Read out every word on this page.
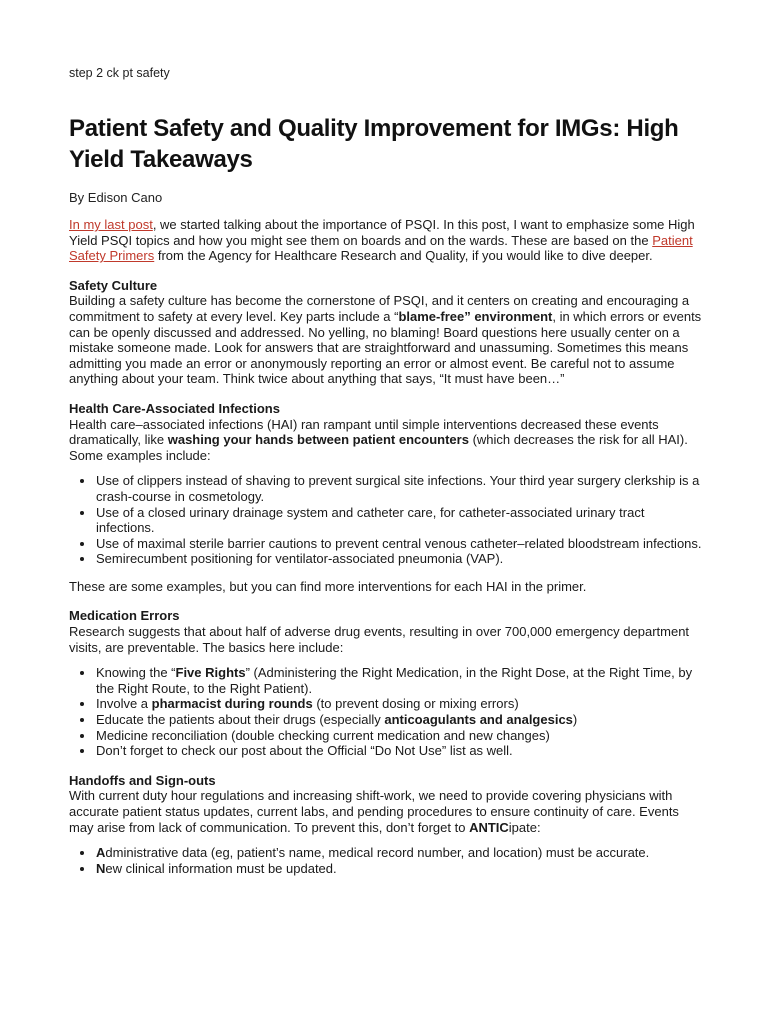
step 2 ck pt safety
Patient Safety and Quality Improvement for IMGs: High Yield Takeaways
By Edison Cano

In my last post, we started talking about the importance of PSQI. In this post, I want to emphasize some High Yield PSQI topics and how you might see them on boards and on the wards. These are based on the Patient Safety Primers from the Agency for Healthcare Research and Quality, if you would like to dive deeper.

Safety Culture

Building a safety culture has become the cornerstone of PSQI, and it centers on creating and encouraging a commitment to safety at every level. Key parts include a “blame-free” environment, in which errors or events can be openly discussed and addressed. No yelling, no blaming! Board questions here usually center on a mistake someone made. Look for answers that are straightforward and unassuming. Sometimes this means admitting you made an error or anonymously reporting an error or almost event. Be careful not to assume anything about your team. Think twice about anything that says, “It must have been…”

Health Care-Associated Infections

Health care–associated infections (HAI) ran rampant until simple interventions decreased these events dramatically, like washing your hands between patient encounters (which decreases the risk for all HAI). Some examples include:

• Use of clippers instead of shaving to prevent surgical site infections. Your third year surgery clerkship is a crash-course in cosmetology.
• Use of a closed urinary drainage system and catheter care, for catheter-associated urinary tract infections.
• Use of maximal sterile barrier cautions to prevent central venous catheter–related bloodstream infections.
• Semirecumbent positioning for ventilator-associated pneumonia (VAP).

These are some examples, but you can find more interventions for each HAI in the primer.

Medication Errors

Research suggests that about half of adverse drug events, resulting in over 700,000 emergency department visits, are preventable. The basics here include:

• Knowing the “Five Rights” (Administering the Right Medication, in the Right Dose, at the Right Time, by the Right Route, to the Right Patient).
• Involve a pharmacist during rounds (to prevent dosing or mixing errors)
• Educate the patients about their drugs (especially anticoagulants and analgesics)
• Medicine reconciliation (double checking current medication and new changes)
• Don’t forget to check our post about the Official “Do Not Use” list as well.

Handoffs and Sign-outs

With current duty hour regulations and increasing shift-work, we need to provide covering physicians with accurate patient status updates, current labs, and pending procedures to ensure continuity of care. Events may arise from lack of communication. To prevent this, don’t forget to ANTICipate:

• Administrative data (eg, patient’s name, medical record number, and location) must be accurate.
• New clinical information must be updated.
